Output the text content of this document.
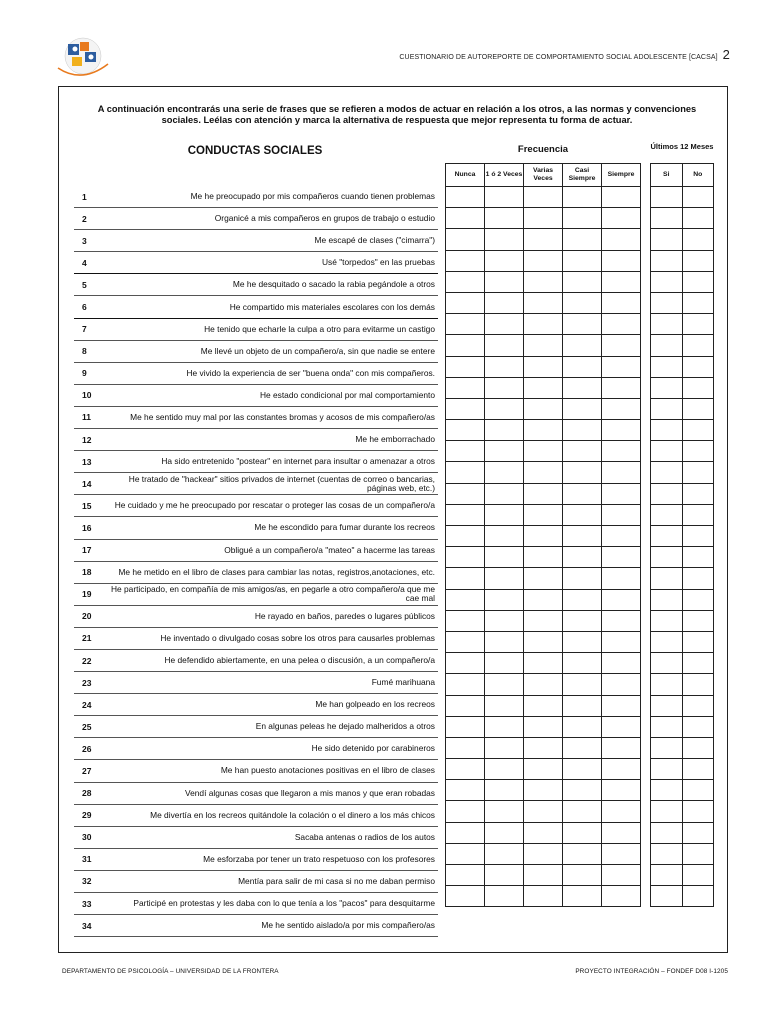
CUESTIONARIO DE AUTOREPORTE DE COMPORTAMIENTO SOCIAL ADOLESCENTE [CACSA] 2
A continuación encontrarás una serie de frases que se refieren a modos de actuar en relación a los otros, a las normas y convenciones sociales. Leélas con atención y marca la alternativa de respuesta que mejor representa tu forma de actuar.
CONDUCTAS SOCIALES	Frecuencia	Últimos 12 Meses
Nunca	1 ó 2 Veces	Varias Veces	Casi Siempre	Siempre

					Si	No

1	Me he preocupado por mis compañeros cuando tienen problemas
2	Organicé a mis compañeros en grupos de trabajo o estudio
3	Me escapé de clases ("cimarra")
4	Usé "torpedos" en las pruebas
5	Me he desquitado o sacado la rabia pegándole a otros
6	He compartido mis materiales escolares con los demás
7	He tenido que echarle la culpa a otro para evitarme un castigo
8	Me llevé un objeto de un compañero/a, sin que nadie se entere
9	He vivido la experiencia de ser "buena onda" con mis compañeros.
10	He estado condicional por mal comportamiento
11	Me he sentido muy mal por las constantes bromas y acosos de mis compañero/as
12	Me he emborrachado
13	Ha sido entretenido "postear" en internet para insultar o amenazar a otros
14	He tratado de "hackear" sitios privados de internet (cuentas de correo o bancarias, páginas web, etc.)
15	He cuidado y me he preocupado por rescatar o proteger las cosas de un compañero/a
16	Me he escondido para fumar durante los recreos
17	Obligué a un compañero/a "mateo" a hacerme las tareas
18	Me he metido en el libro de clases para cambiar las notas, registros,anotaciones, etc.
19	He participado, en compañía de mis amigos/as, en pegarle a otro compañero/a que me cae mal
20	He rayado en baños, paredes o lugares públicos
21	He inventado o divulgado cosas sobre los otros para causarles problemas
22	He defendido abiertamente, en una pelea o discusión, a un compañero/a
23	Fumé marihuana
24	Me han golpeado en los recreos
25	En algunas peleas he dejado malheridos a otros
26	He sido detenido por carabineros
27	Me han puesto anotaciones positivas en el libro de clases
28	Vendí algunas cosas que llegaron a mis manos y que eran robadas
29	Me divertía en los recreos quitándole la colación o el dinero a los más chicos
30	Sacaba antenas o radios de los autos
31	Me esforzaba por tener un trato respetuoso con los profesores
32	Mentía para salir de mi casa si no me daban permiso
33	Participé en protestas y les daba con lo que tenía a los "pacos" para desquitarme
34	Me he sentido aislado/a por mis compañero/as
DEPARTAMENTO DE PSICOLOGÍA – UNIVERSIDAD DE LA FRONTERA	PROYECTO INTEGRACIÓN – FONDEF D08 I-1205
